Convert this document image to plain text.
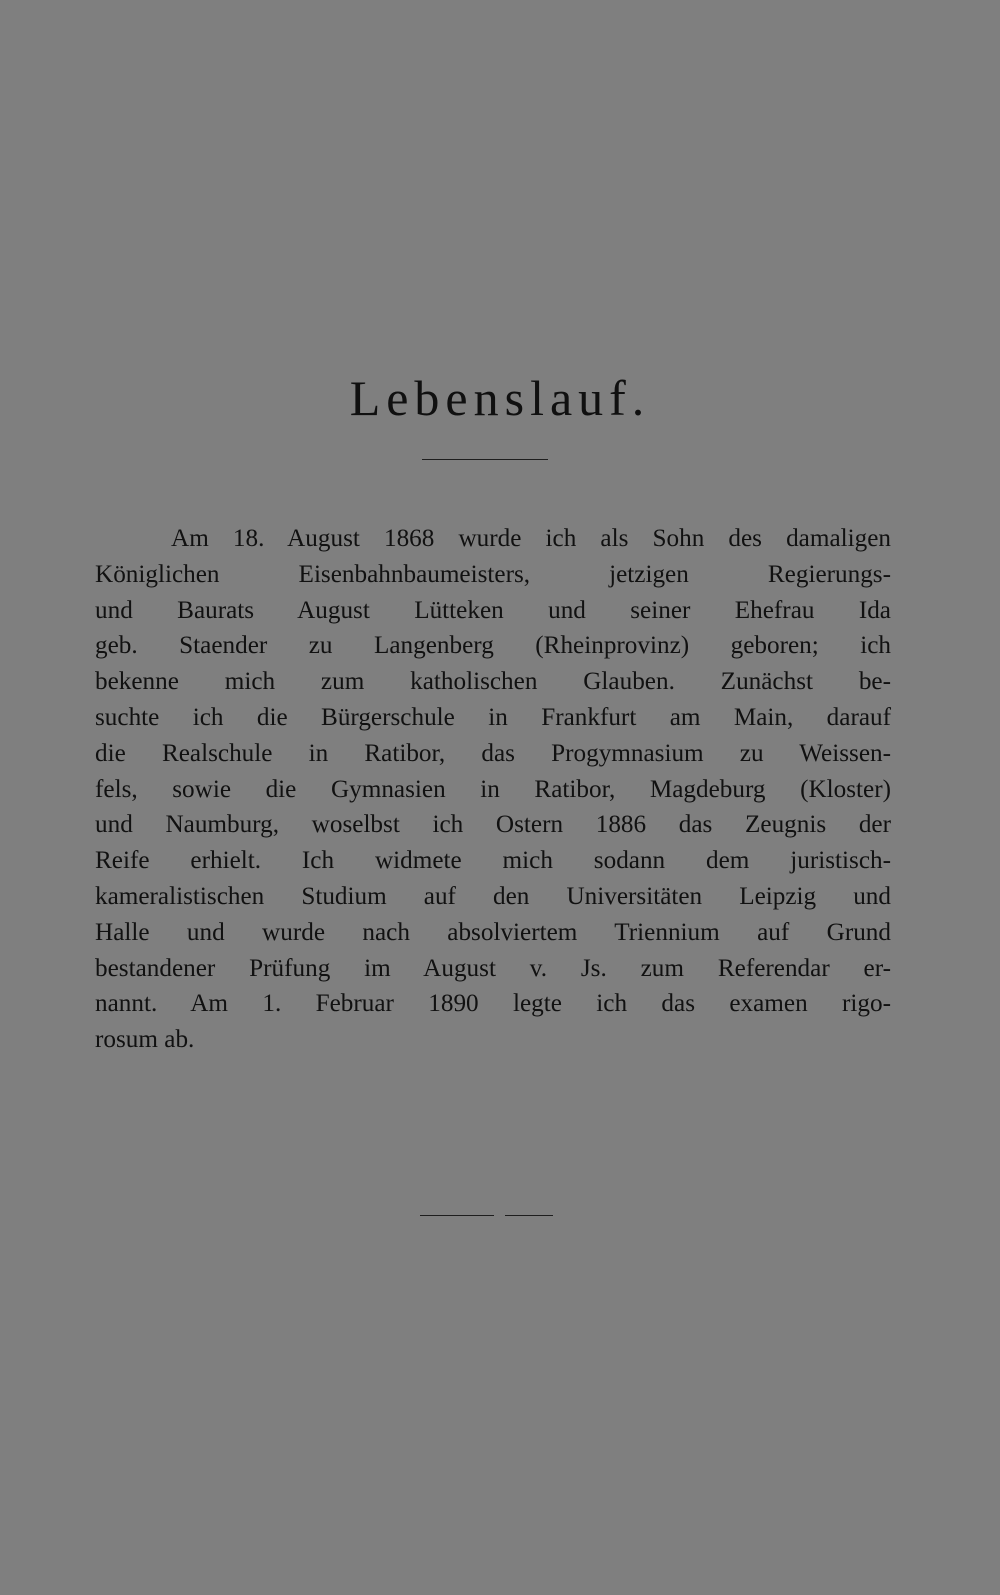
Lebenslauf.
Am 18. August 1868 wurde ich als Sohn des damaligen
Königlichen Eisenbahnbaumeisters, jetzigen Regierungs-
und Baurats August Lütteken und seiner Ehefrau Ida
geb. Staender zu Langenberg (Rheinprovinz) geboren; ich
bekenne mich zum katholischen Glauben. Zunächst be-
suchte ich die Bürgerschule in Frankfurt am Main, darauf
die Realschule in Ratibor, das Progymnasium zu Weissen-
fels, sowie die Gymnasien in Ratibor, Magdeburg (Kloster)
und Naumburg, woselbst ich Ostern 1886 das Zeugnis der
Reife erhielt. Ich widmete mich sodann dem juristisch-
kameralistischen Studium auf den Universitäten Leipzig und
Halle und wurde nach absolviertem Triennium auf Grund
bestandener Prüfung im August v. Js. zum Referendar er-
nannt. Am 1. Februar 1890 legte ich das examen rigo-
rosum ab.
